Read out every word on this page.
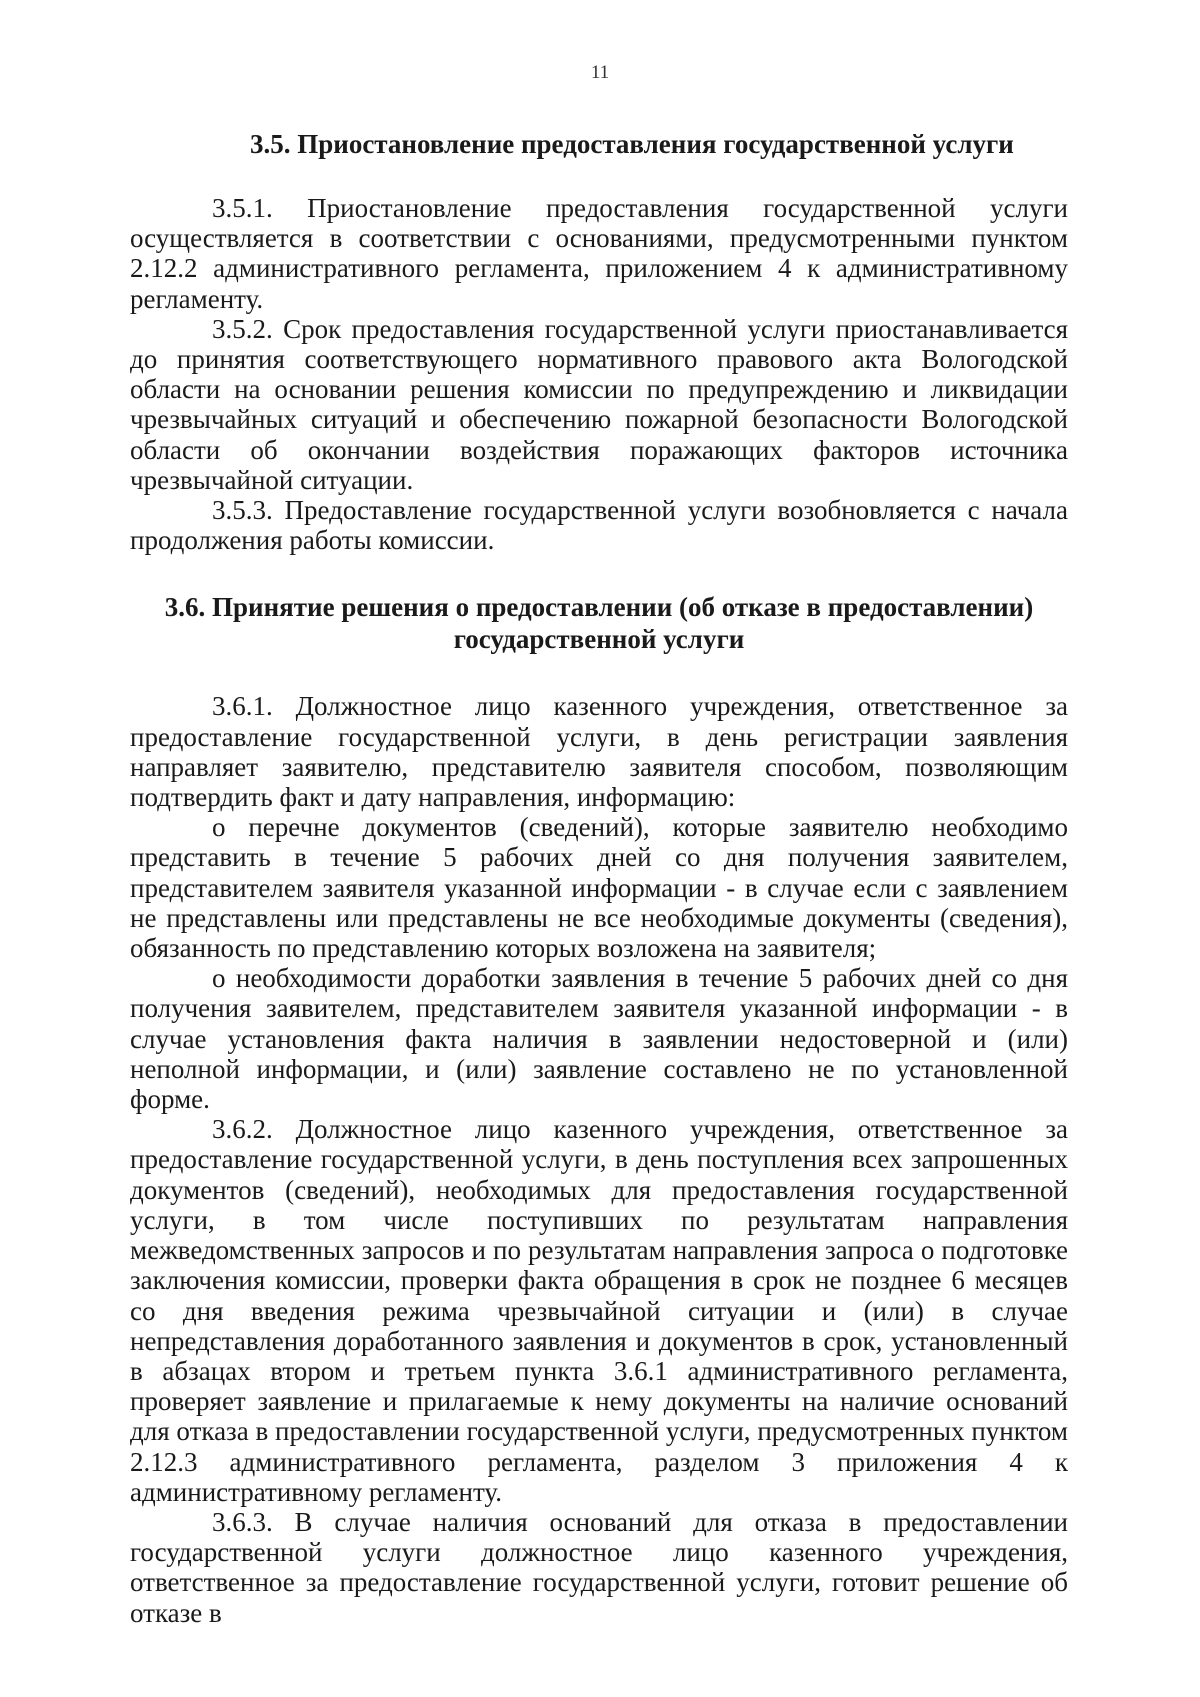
11
3.5. Приостановление предоставления государственной услуги

3.5.1. Приостановление предоставления государственной услуги осуществляется в соответствии с основаниями, предусмотренными пунктом 2.12.2 административного регламента, приложением 4 к административному регламенту.

3.5.2. Срок предоставления государственной услуги приостанавливается до принятия соответствующего нормативного правового акта Вологодской области на основании решения комиссии по предупреждению и ликвидации чрезвычайных ситуаций и обеспечению пожарной безопасности Вологодской области об окончании воздействия поражающих факторов источника чрезвычайной ситуации.

3.5.3. Предоставление государственной услуги возобновляется с начала продолжения работы комиссии.

3.6. Принятие решения о предоставлении (об отказе в предоставлении)
государственной услуги

3.6.1. Должностное лицо казенного учреждения, ответственное за предоставление государственной услуги, в день регистрации заявления направляет заявителю, представителю заявителя способом, позволяющим подтвердить факт и дату направления, информацию:

о перечне документов (сведений), которые заявителю необходимо представить в течение 5 рабочих дней со дня получения заявителем, представителем заявителя указанной информации - в случае если с заявлением не представлены или представлены не все необходимые документы (сведения), обязанность по представлению которых возложена на заявителя;

о необходимости доработки заявления в течение 5 рабочих дней со дня получения заявителем, представителем заявителя указанной информации - в случае установления факта наличия в заявлении недостоверной и (или) неполной информации, и (или) заявление составлено не по установленной форме.

3.6.2. Должностное лицо казенного учреждения, ответственное за предоставление государственной услуги, в день поступления всех запрошенных документов (сведений), необходимых для предоставления государственной услуги, в том числе поступивших по результатам направления межведомственных запросов и по результатам направления запроса о подготовке заключения комиссии, проверки факта обращения в срок не позднее 6 месяцев со дня введения режима чрезвычайной ситуации и (или) в случае непредставления доработанного заявления и документов в срок, установленный в абзацах втором и третьем пункта 3.6.1 административного регламента, проверяет заявление и прилагаемые к нему документы на наличие оснований для отказа в предоставлении государственной услуги, предусмотренных пунктом 2.12.3 административного регламента, разделом 3 приложения 4 к административному регламенту.

3.6.3. В случае наличия оснований для отказа в предоставлении государственной услуги должностное лицо казенного учреждения, ответственное за предоставление государственной услуги, готовит решение об отказе в
